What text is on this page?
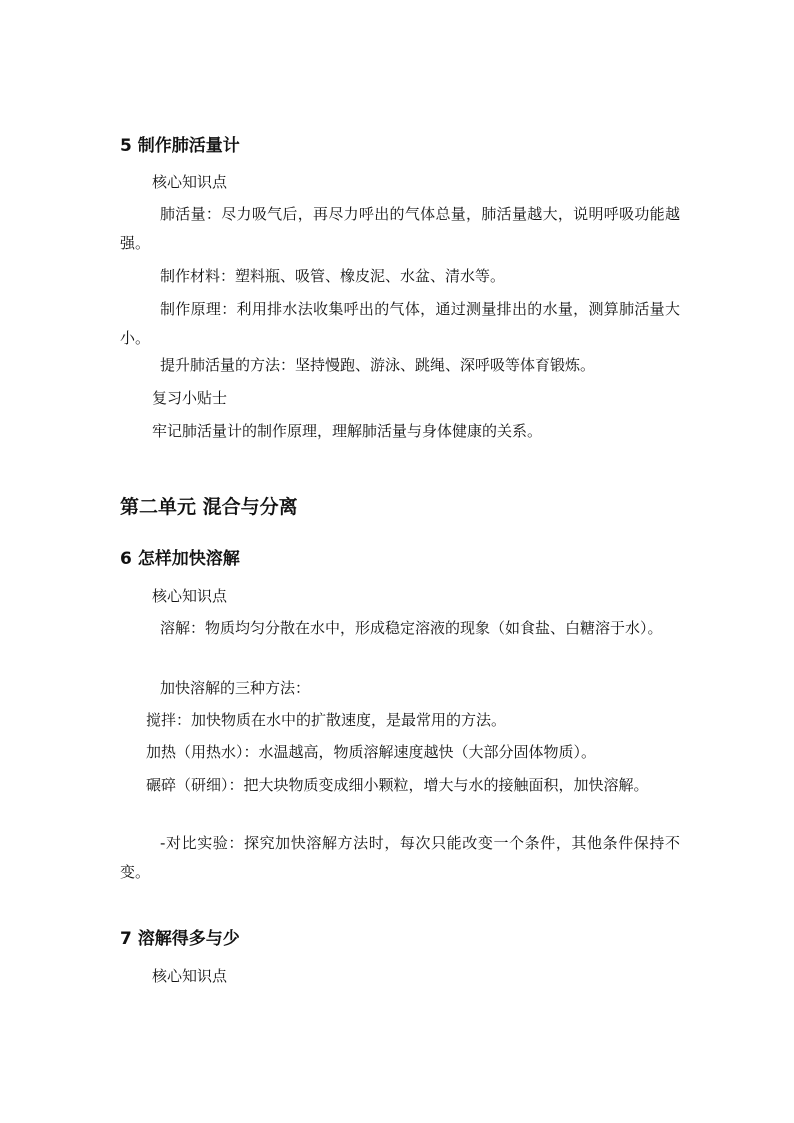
5 制作肺活量计
核心知识点
肺活量：尽力吸气后，再尽力呼出的气体总量，肺活量越大，说明呼吸功能越强。
制作材料：塑料瓶、吸管、橡皮泥、水盆、清水等。
制作原理：利用排水法收集呼出的气体，通过测量排出的水量，测算肺活量大小。
提升肺活量的方法：坚持慢跑、游泳、跳绳、深呼吸等体育锻炼。
复习小贴士
牢记肺活量计的制作原理，理解肺活量与身体健康的关系。
第二单元 混合与分离
6 怎样加快溶解
核心知识点
溶解：物质均匀分散在水中，形成稳定溶液的现象（如食盐、白糖溶于水）。
加快溶解的三种方法：
搅拌：加快物质在水中的扩散速度，是最常用的方法。
加热（用热水）：水温越高，物质溶解速度越快（大部分固体物质）。
碾碎（研细）：把大块物质变成细小颗粒，增大与水的接触面积，加快溶解。
-对比实验：探究加快溶解方法时，每次只能改变一个条件，其他条件保持不变。
7 溶解得多与少
核心知识点
